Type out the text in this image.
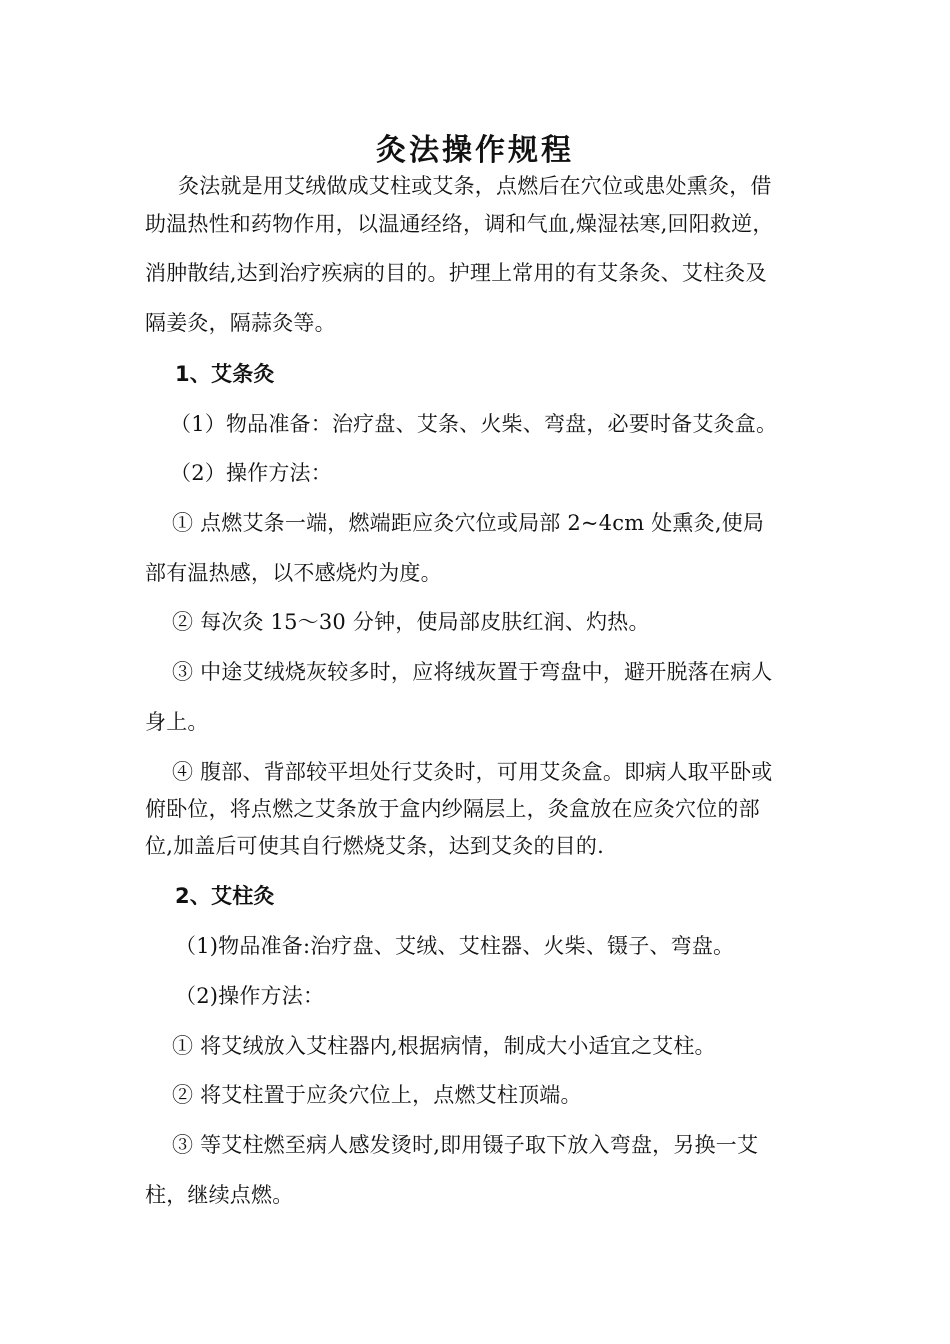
灸法操作规程
灸法就是用艾绒做成艾柱或艾条，点燃后在穴位或患处熏灸，借
助温热性和药物作用，以温通经络，调和气血,燥湿祛寒,回阳救逆，
消肿散结,达到治疗疾病的目的。护理上常用的有艾条灸、艾柱灸及
隔姜灸，隔蒜灸等。
1、艾条灸
（1）物品准备：治疗盘、艾条、火柴、弯盘，必要时备艾灸盒。
（2）操作方法：
① 点燃艾条一端，燃端距应灸穴位或局部 2~4cm 处熏灸,使局
部有温热感，以不感烧灼为度。
② 每次灸 15～30 分钟，使局部皮肤红润、灼热。
③ 中途艾绒烧灰较多时，应将绒灰置于弯盘中，避开脱落在病人
身上。
④ 腹部、背部较平坦处行艾灸时，可用艾灸盒。即病人取平卧或
俯卧位，将点燃之艾条放于盒内纱隔层上，灸盒放在应灸穴位的部
位,加盖后可使其自行燃烧艾条，达到艾灸的目的.
2、艾柱灸
（1)物品准备:治疗盘、艾绒、艾柱器、火柴、镊子、弯盘。
（2)操作方法：
① 将艾绒放入艾柱器内,根据病情，制成大小适宜之艾柱。
② 将艾柱置于应灸穴位上，点燃艾柱顶端。
③ 等艾柱燃至病人感发烫时,即用镊子取下放入弯盘，另换一艾
柱，继续点燃。
